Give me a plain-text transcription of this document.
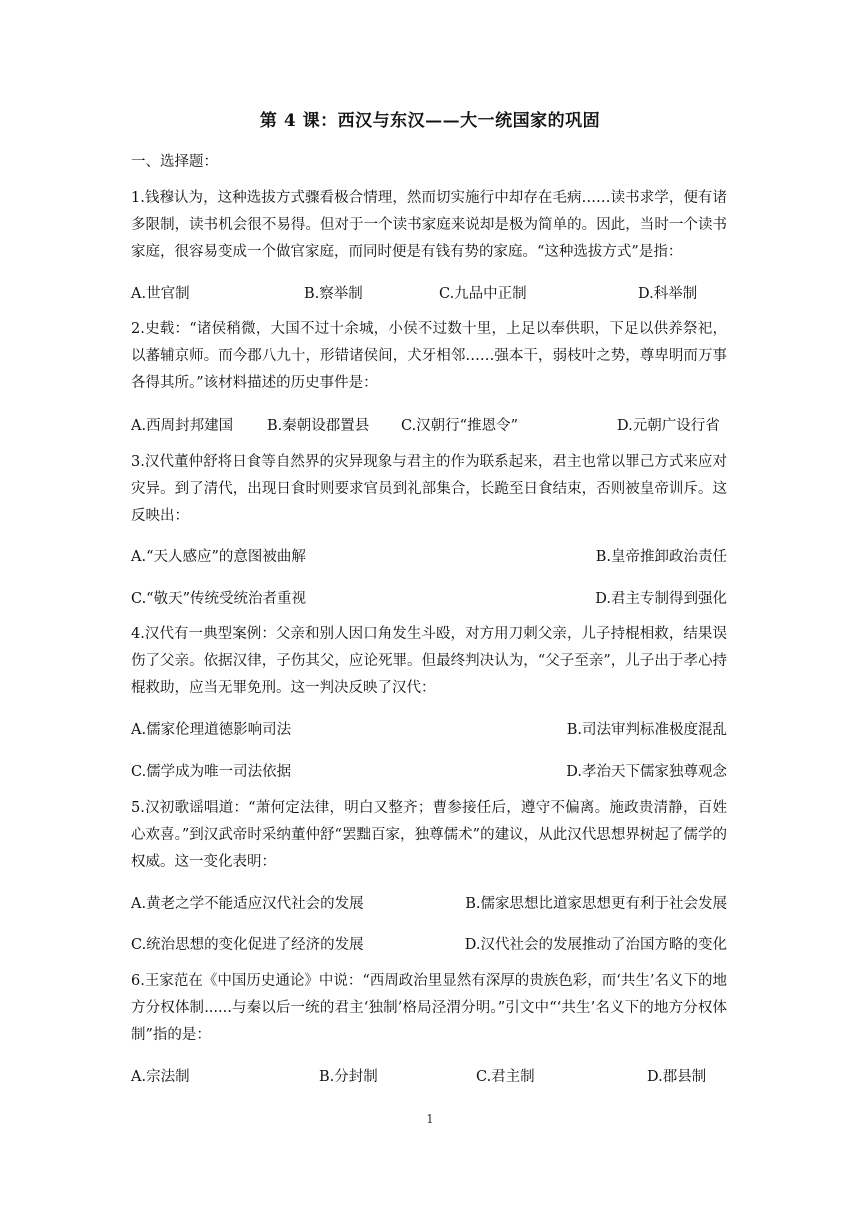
第 4 课：西汉与东汉——大一统国家的巩固
一、选择题：
1.钱穆认为，这种选拔方式骤看极合情理，然而切实施行中却存在毛病……读书求学，便有诸多限制，读书机会很不易得。但对于一个读书家庭来说却是极为简单的。因此，当时一个读书家庭，很容易变成一个做官家庭，而同时便是有钱有势的家庭。“这种选拔方式”是指：
A.世官制	B.察举制	C.九品中正制	D.科举制
2.史载：“诸侯稍微，大国不过十余城，小侯不过数十里，上足以奉供职，下足以供养祭祀，以蕃辅京师。而今郡八九十，形错诸侯间，犬牙相邻……强本干，弱枝叶之势，尊卑明而万事各得其所。”该材料描述的历史事件是：
A.西周封邦建国 B.秦朝设郡置县 C.汉朝行“推恩令”	D.元朝广设行省
3.汉代董仲舒将日食等自然界的灾异现象与君主的作为联系起来，君主也常以罪己方式来应对灾异。到了清代，出现日食时则要求官员到礼部集合，长跪至日食结束，否则被皇帝训斥。这反映出：
A.“天人感应”的意图被曲解	B.皇帝推卸政治责任
C.“敬天”传统受统治者重视	D.君主专制得到强化
4.汉代有一典型案例：父亲和别人因口角发生斗殴，对方用刀刺父亲，儿子持棍相救，结果误伤了父亲。依据汉律，子伤其父，应论死罪。但最终判决认为，“父子至亲”，儿子出于孝心持棍救助，应当无罪免刑。这一判决反映了汉代：
A.儒家伦理道德影响司法	B.司法审判标准极度混乱
C.儒学成为唯一司法依据	D.孝治天下儒家独尊观念
5.汉初歌谣唱道：“萧何定法律，明白又整齐；曹参接任后，遵守不偏离。施政贵清静，百姓心欢喜。”到汉武帝时采纳董仲舒“罢黜百家，独尊儒术”的建议，从此汉代思想界树起了儒学的权威。这一变化表明：
A.黄老之学不能适应汉代社会的发展	B.儒家思想比道家思想更有利于社会发展
C.统治思想的变化促进了经济的发展	D.汉代社会的发展推动了治国方略的变化
6.王家范在《中国历史通论》中说：“西周政治里显然有深厚的贵族色彩，而‘共生’名义下的地方分权体制......与秦以后一统的君主‘独制’格局泾渭分明。”引文中“‘共生’名义下的地方分权体制”指的是：
A.宗法制	B.分封制	C.君主制	D.郡县制
1
